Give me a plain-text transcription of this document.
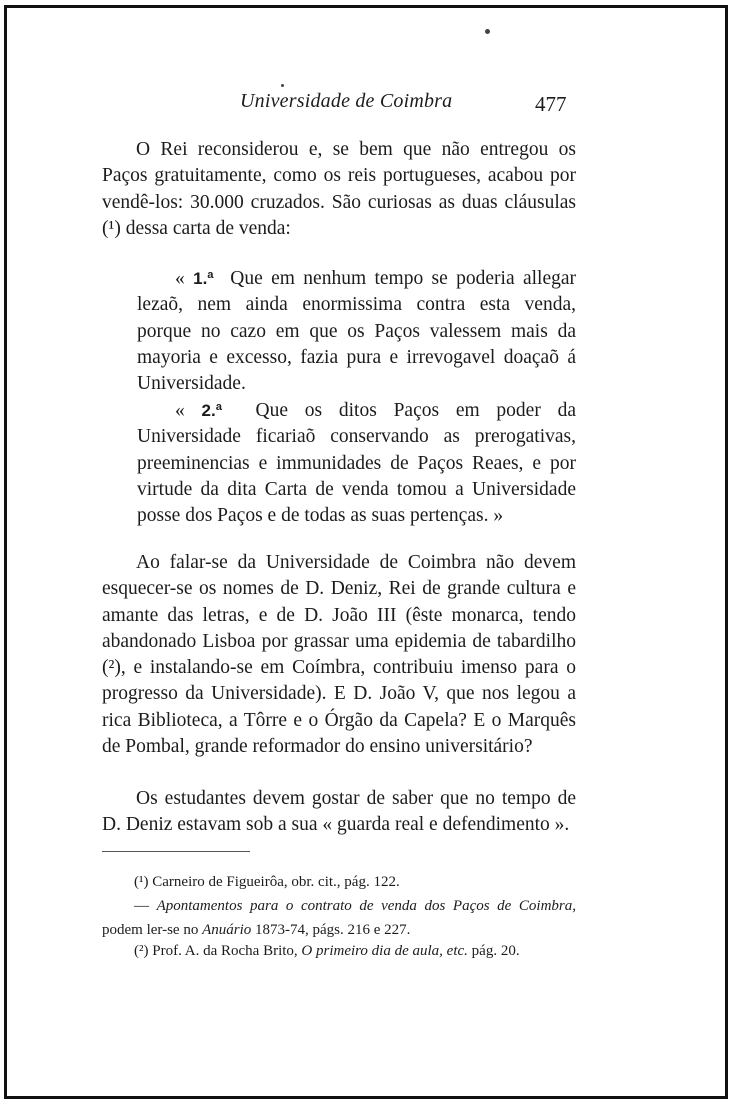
Universidade de Coimbra	477

O Rei reconsiderou e, se bem que não entregou os Paços gratuitamente, como os reis portugueses, acabou por vendê-los: 30.000 cruzados. São curiosas as duas cláusulas (¹) dessa carta de venda:

« 1.ª Que em nenhum tempo se poderia allegar lezaõ, nem ainda enormissima contra esta venda, porque no cazo em que os Paços valessem mais da mayoria e excesso, fazia pura e irrevogavel doaçaõ á Universidade.

« 2.ª Que os ditos Paços em poder da Universidade ficariaõ conservando as prerogativas, preeminencias e immunidades de Paços Reaes, e por virtude da dita Carta de venda tomou a Universidade posse dos Paços e de todas as suas pertenças. »

Ao falar-se da Universidade de Coimbra não devem esquecer-se os nomes de D. Deniz, Rei de grande cultura e amante das letras, e de D. João III (êste monarca, tendo abandonado Lisboa por grassar uma epidemia de tabardilho (²), e instalando-se em Coímbra, contribuiu imenso para o progresso da Universidade). E D. João V, que nos legou a rica Biblioteca, a Tôrre e o Órgão da Capela? E o Marquês de Pombal, grande reformador do ensino universitário?

Os estudantes devem gostar de saber que no tempo de D. Deniz estavam sob a sua « guarda real e defendimento ».

(¹) Carneiro de Figueirôa, obr. cit., pág. 122.

— Apontamentos para o contrato de venda dos Paços de Coimbra, podem ler-se no Anuário 1873-74, págs. 216 e 227.

(²) Prof. A. da Rocha Brito, O primeiro dia de aula, etc. pág. 20.
